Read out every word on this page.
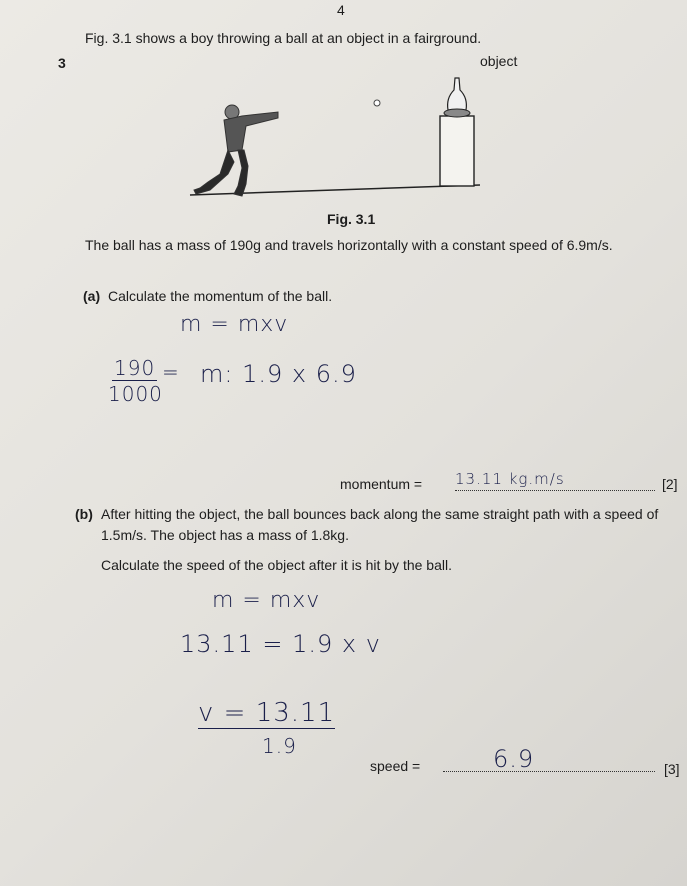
4
3
Fig. 3.1 shows a boy throwing a ball at an object in a fairground.
object
Fig. 3.1
The ball has a mass of 190g and travels horizontally with a constant speed of 6.9m/s.
(a) Calculate the momentum of the ball.
m = mxv
190
1000
= m: 1.9 x 6.9
momentum = 13.11 kg.m/s	[2]
(b) After hitting the object, the ball bounces back along the same straight path with a speed of
1.5m/s. The object has a mass of 1.8kg.
Calculate the speed of the object after it is hit by the ball.
m = mxv
13.11 = 1.9 x v
v = 13.11
1.9
speed =	6.9	[3]
